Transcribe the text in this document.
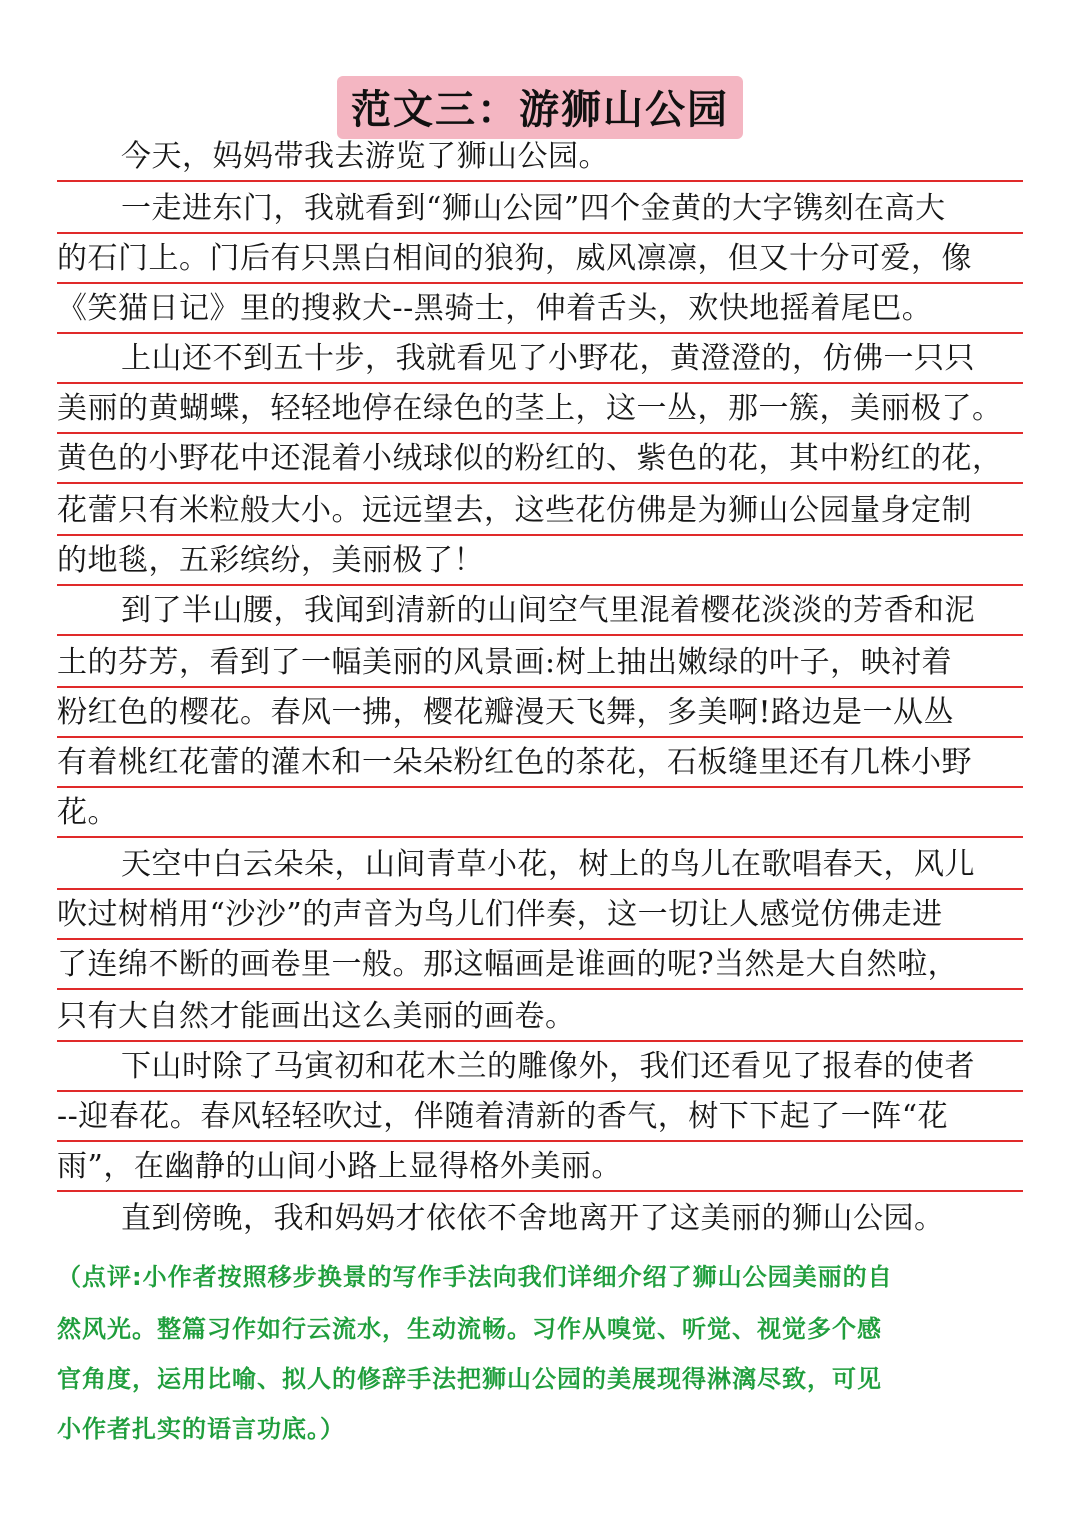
范文三：游狮山公园
今天，妈妈带我去游览了狮山公园。
一走进东门，我就看到“狮山公园”四个金黄的大字镌刻在高大
的石门上。门后有只黑白相间的狼狗，威风凛凛，但又十分可爱，像
《笑猫日记》里的搜救犬--黑骑士，伸着舌头，欢快地摇着尾巴。
上山还不到五十步，我就看见了小野花，黄澄澄的，仿佛一只只
美丽的黄蝴蝶，轻轻地停在绿色的茎上，这一丛，那一簇，美丽极了。
黄色的小野花中还混着小绒球似的粉红的、紫色的花，其中粉红的花，
花蕾只有米粒般大小。远远望去，这些花仿佛是为狮山公园量身定制
的地毯，五彩缤纷，美丽极了！
到了半山腰，我闻到清新的山间空气里混着樱花淡淡的芳香和泥
土的芬芳，看到了一幅美丽的风景画:树上抽出嫩绿的叶子，映衬着
粉红色的樱花。春风一拂，樱花瓣漫天飞舞，多美啊!路边是一从丛
有着桃红花蕾的灌木和一朵朵粉红色的茶花，石板缝里还有几株小野
花。
天空中白云朵朵，山间青草小花，树上的鸟儿在歌唱春天，风儿
吹过树梢用“沙沙”的声音为鸟儿们伴奏，这一切让人感觉仿佛走进
了连绵不断的画卷里一般。那这幅画是谁画的呢?当然是大自然啦，
只有大自然才能画出这么美丽的画卷。
下山时除了马寅初和花木兰的雕像外，我们还看见了报春的使者
--迎春花。春风轻轻吹过，伴随着清新的香气，树下下起了一阵“花
雨”，在幽静的山间小路上显得格外美丽。
直到傍晚，我和妈妈才依依不舍地离开了这美丽的狮山公园。
（点评:小作者按照移步换景的写作手法向我们详细介绍了狮山公园美丽的自
然风光。整篇习作如行云流水，生动流畅。习作从嗅觉、听觉、视觉多个感
官角度，运用比喻、拟人的修辞手法把狮山公园的美展现得淋漓尽致，可见
小作者扎实的语言功底。）
